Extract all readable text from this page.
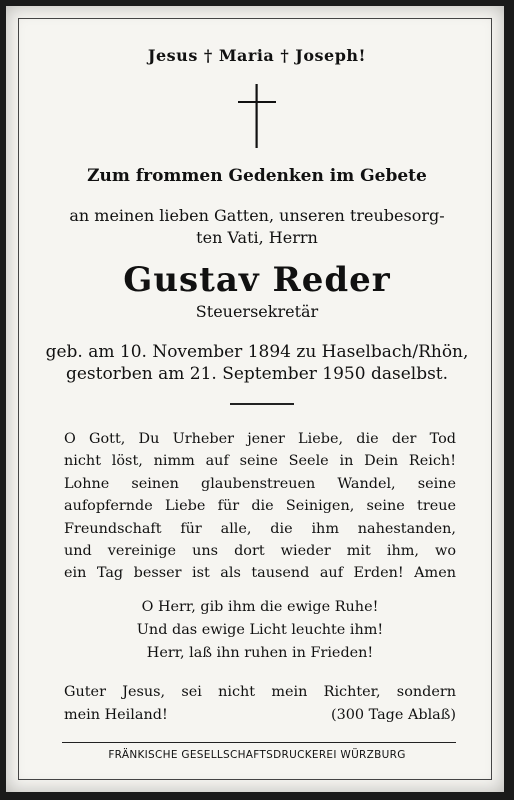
Jesus † Maria † Joseph!
Zum frommen Gedenken im Gebete
an meinen lieben Gatten, unseren treubesorg-
ten Vati, Herrn
Gustav Reder
Steuersekretär
geb. am 10. November 1894 zu Haselbach/Rhön,
gestorben am 21. September 1950 daselbst.
O Gott, Du Urheber jener Liebe, die der Tod
nicht löst, nimm auf seine Seele in Dein Reich!
Lohne seinen glaubenstreuen Wandel, seine
aufopfernde Liebe für die Seinigen, seine treue
Freundschaft für alle, die ihm nahestanden,
und vereinige uns dort wieder mit ihm, wo
ein Tag besser ist als tausend auf Erden! Amen
O Herr, gib ihm die ewige Ruhe!
Und das ewige Licht leuchte ihm!
Herr, laß ihn ruhen in Frieden!
Guter Jesus, sei nicht mein Richter, sondern
mein Heiland!	(300 Tage Ablaß)
FRÄNKISCHE GESELLSCHAFTSDRUCKEREI WÜRZBURG
